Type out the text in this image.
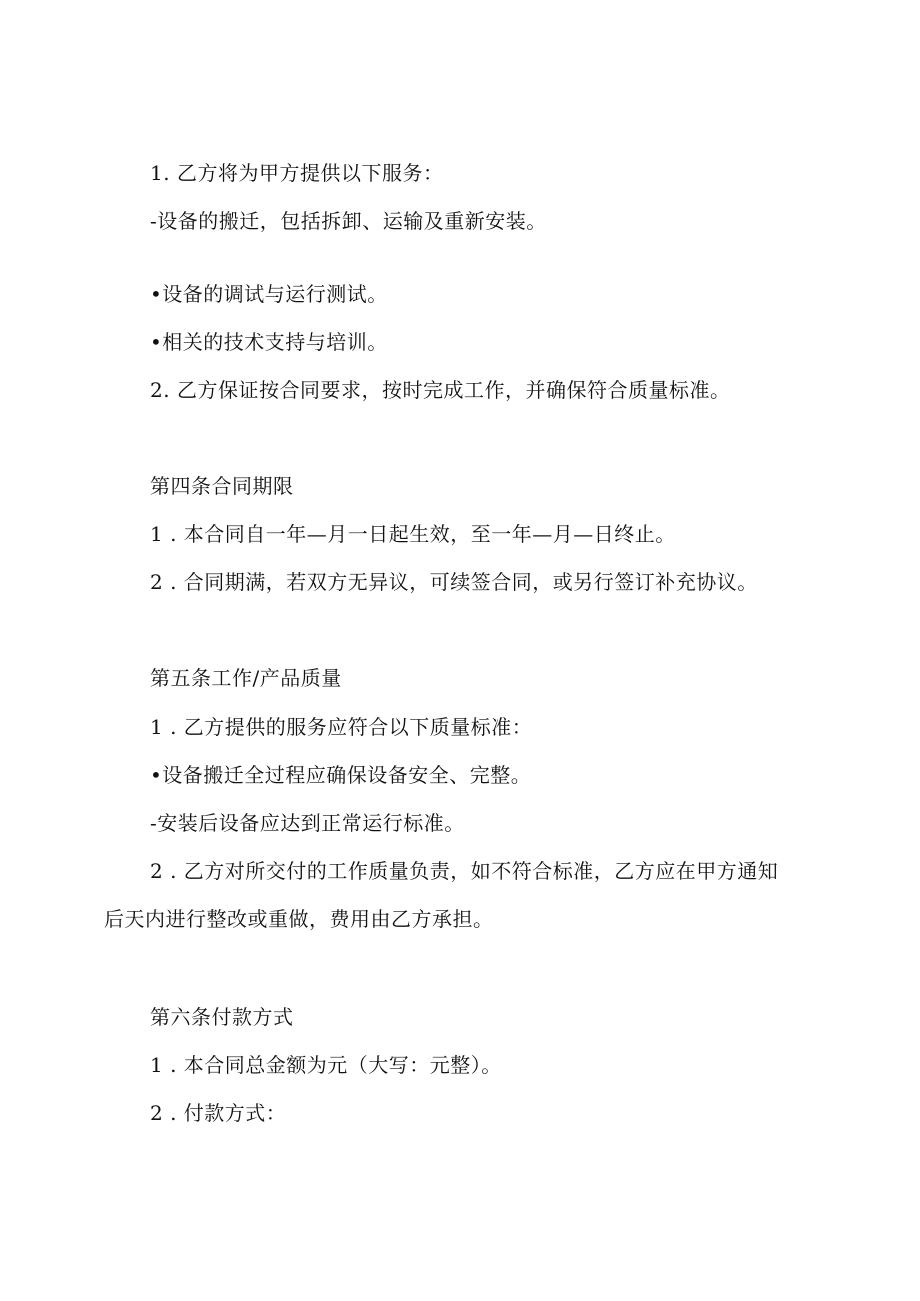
1. 乙方将为甲方提供以下服务：
-设备的搬迁，包括拆卸、运输及重新安装。
•设备的调试与运行测试。
•相关的技术支持与培训。
2. 乙方保证按合同要求，按时完成工作，并确保符合质量标准。
第四条合同期限
1 . 本合同自一年—月一日起生效，至一年—月—日终止。
2 . 合同期满，若双方无异议，可续签合同，或另行签订补充协议。
第五条工作/产品质量
1 . 乙方提供的服务应符合以下质量标准：
•设备搬迁全过程应确保设备安全、完整。
-安装后设备应达到正常运行标准。
2 . 乙方对所交付的工作质量负责，如不符合标准，乙方应在甲方通知
后天内进行整改或重做，费用由乙方承担。
第六条付款方式
1 . 本合同总金额为元（大写：元整）。
2 . 付款方式：
